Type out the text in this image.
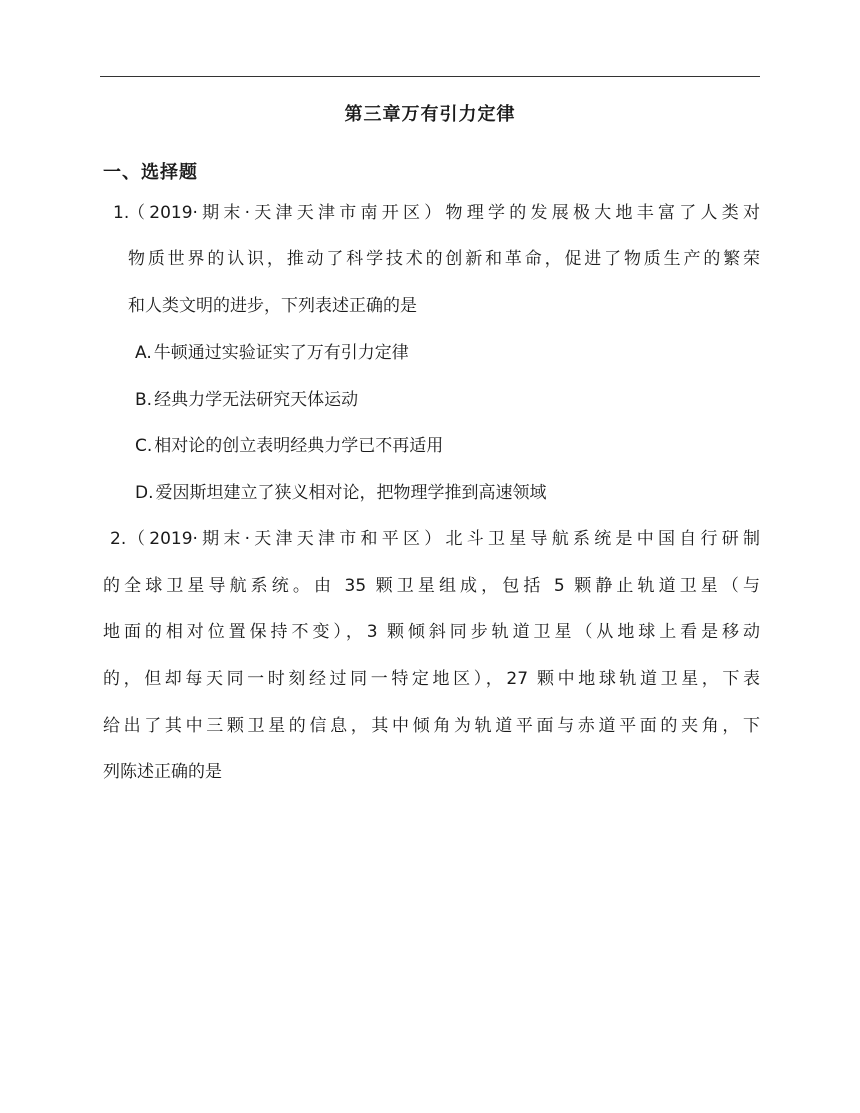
第三章万有引力定律
一、选择题
1.
（2019·期末·天津天津市南开区）物理学的发展极大地丰富了人类对
物质世界的认识，推动了科学技术的创新和革命，促进了物质生产的繁荣
和人类文明的进步，下列表述正确的是
A. 牛顿通过实验证实了万有引力定律
B. 经典力学无法研究天体运动
C. 相对论的创立表明经典力学已不再适用
D. 爱因斯坦建立了狭义相对论，把物理学推到高速领域
2. （2019·期末·天津天津市和平区）北斗卫星导航系统是中国自行研制
的全球卫星导航系统。由 35 颗卫星组成，包括 5 颗静止轨道卫星（与
地面的相对位置保持不变），3 颗倾斜同步轨道卫星（从地球上看是移动
的，但却每天同一时刻经过同一特定地区），27 颗中地球轨道卫星，下表
给出了其中三颗卫星的信息，其中倾角为轨道平面与赤道平面的夹角，下
列陈述正确的是
